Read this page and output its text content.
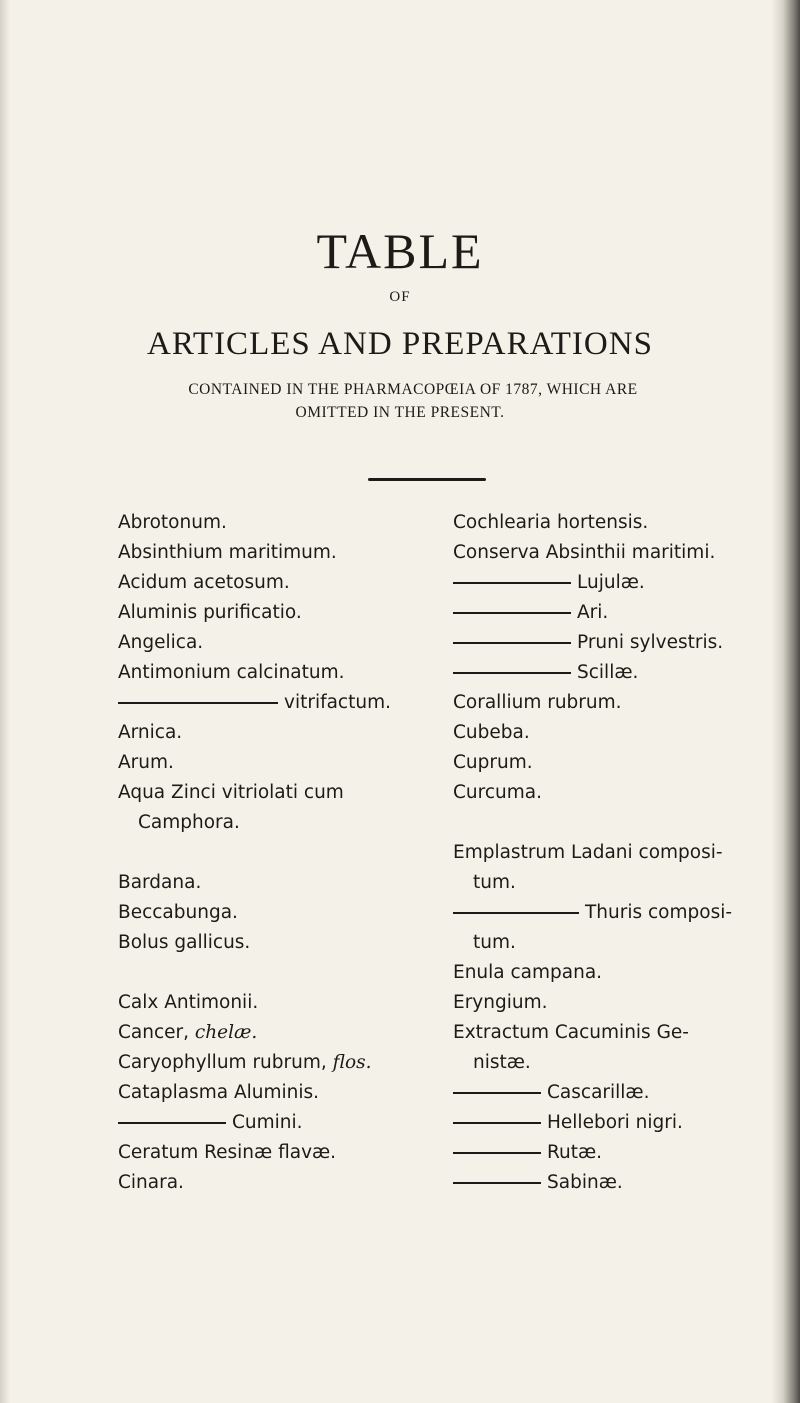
TABLE
OF
ARTICLES AND PREPARATIONS
CONTAINED IN THE PHARMACOPŒIA OF 1787, WHICH ARE
OMITTED IN THE PRESENT.
Abrotonum.
Absinthium maritimum.
Acidum acetosum.
Aluminis purificatio.
Angelica.
Antimonium calcinatum.
vitrifactum.
Arnica.
Arum.
Aqua Zinci vitriolati cum
Camphora.
Bardana.
Beccabunga.
Bolus gallicus.
Calx Antimonii.
Cancer, chelæ.
Caryophyllum rubrum, flos.
Cataplasma Aluminis.
Cumini.
Ceratum Resinæ flavæ.
Cinara.
Cochlearia hortensis.
Conserva Absinthii maritimi.
Lujulæ.
Ari.
Pruni sylvestris.
Scillæ.
Corallium rubrum.
Cubeba.
Cuprum.
Curcuma.
Emplastrum Ladani composi-
tum.
Thuris composi-
tum.
Enula campana.
Eryngium.
Extractum Cacuminis Ge-
nistæ.
Cascarillæ.
Hellebori nigri.
Rutæ.
Sabinæ.
